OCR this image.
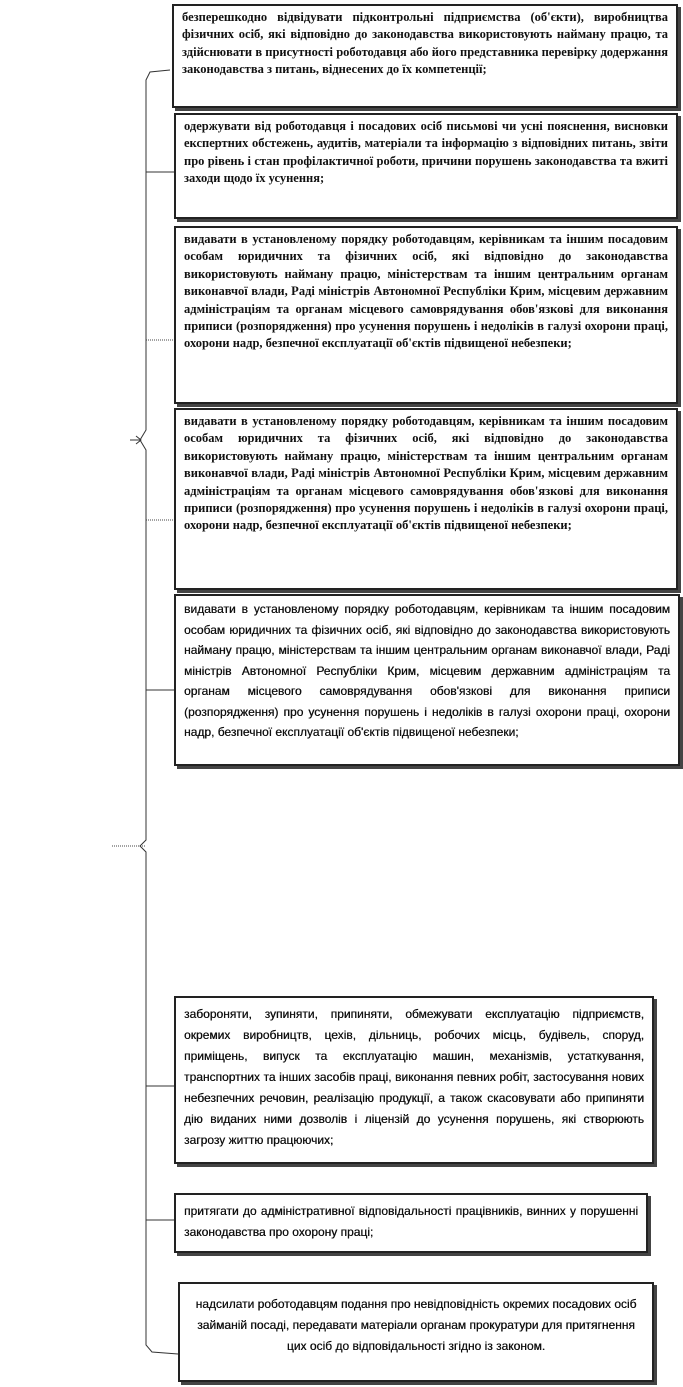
безперешкодно відвідувати підконтрольні підприємства (об'єкти), виробництва фізичних осіб, які відповідно до законодавства використовують найману працю, та здійснювати в присутності роботодавця або його представника перевірку додержання законодавства з питань, віднесених до їх компетенції;
одержувати від роботодавця і посадових осіб письмові чи усні пояснення, висновки експертних обстежень, аудитів, матеріали та інформацію з відповідних питань, звіти про рівень і стан профілактичної роботи, причини порушень законодавства та вжиті заходи щодо їх усунення;
видавати в установленому порядку роботодавцям, керівникам та іншим посадовим особам юридичних та фізичних осіб, які відповідно до законодавства використовують найману працю, міністерствам та іншим центральним органам виконавчої влади, Раді міністрів Автономної Республіки Крим, місцевим державним адміністраціям та органам місцевого самоврядування обов'язкові для виконання приписи (розпорядження) про усунення порушень і недоліків в галузі охорони праці, охорони надр, безпечної експлуатації об'єктів підвищеної небезпеки;
видавати в установленому порядку роботодавцям, керівникам та іншим посадовим особам юридичних та фізичних осіб, які відповідно до законодавства використовують найману працю, міністерствам та іншим центральним органам виконавчої влади, Раді міністрів Автономної Республіки Крим, місцевим державним адміністраціям та органам місцевого самоврядування обов'язкові для виконання приписи (розпорядження) про усунення порушень і недоліків в галузі охорони праці, охорони надр, безпечної експлуатації об'єктів підвищеної небезпеки;
видавати в установленому порядку роботодавцям, керівникам та іншим посадовим особам юридичних та фізичних осіб, які відповідно до законодавства використовують найману працю, міністерствам та іншим центральним органам виконавчої влади, Раді міністрів Автономної Республіки Крим, місцевим державним адміністраціям та органам місцевого самоврядування обов'язкові для виконання приписи (розпорядження) про усунення порушень і недоліків в галузі охорони праці, охорони надр, безпечної експлуатації об'єктів підвищеної небезпеки;
забороняти, зупиняти, припиняти, обмежувати експлуатацію підприємств, окремих виробництв, цехів, дільниць, робочих місць, будівель, споруд, приміщень, випуск та експлуатацію машин, механізмів, устаткування, транспортних та інших засобів праці, виконання певних робіт, застосування нових небезпечних речовин, реалізацію продукції, а також скасовувати або припиняти дію виданих ними дозволів і ліцензій до усунення порушень, які створюють загрозу життю працюючих;
притягати до адміністративної відповідальності працівників, винних у порушенні законодавства про охорону праці;
надсилати роботодавцям подання про невідповідність окремих посадових осіб займаній посаді, передавати матеріали органам прокуратури для притягнення цих осіб до відповідальності згідно із законом.
